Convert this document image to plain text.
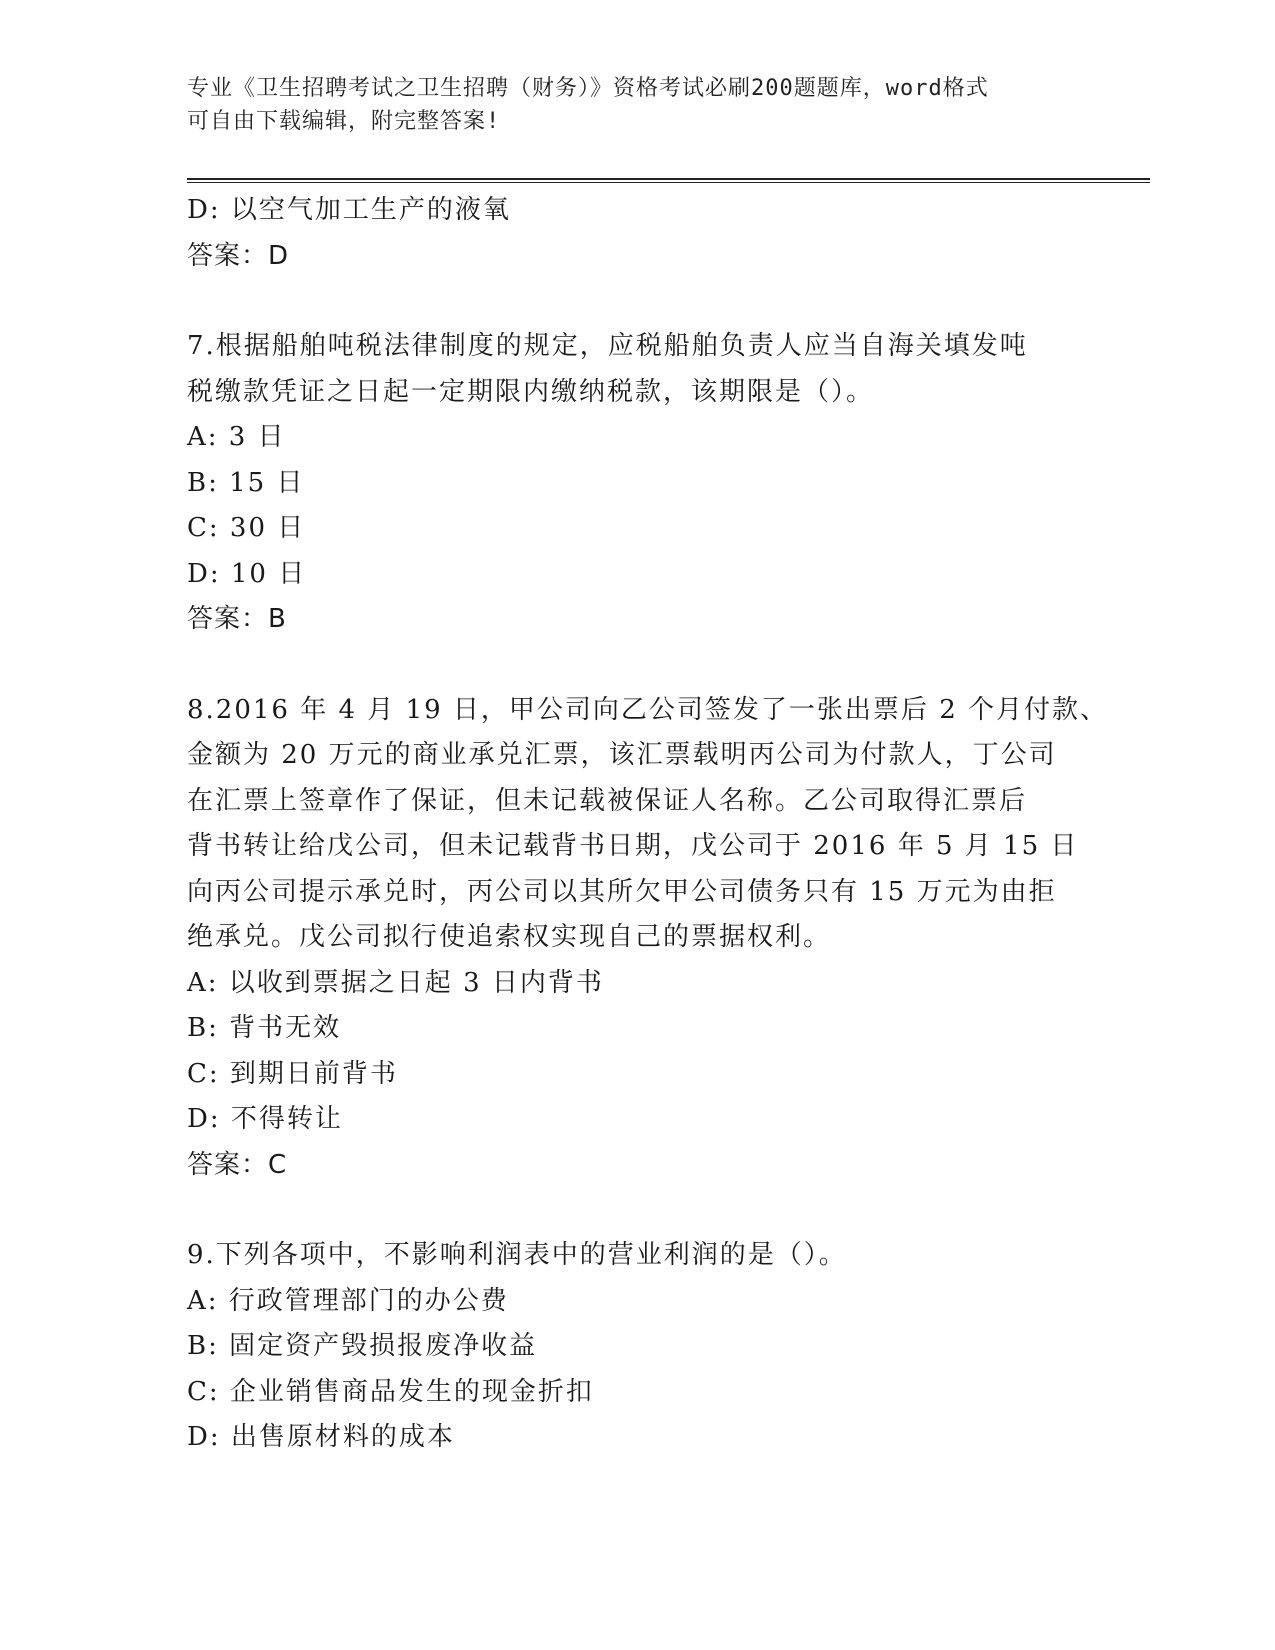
专业《卫生招聘考试之卫生招聘（财务）》资格考试必刷200题题库，word格式
可自由下载编辑，附完整答案!
D: 以空气加工生产的液氧
答案：D
7.根据船舶吨税法律制度的规定，应税船舶负责人应当自海关填发吨
税缴款凭证之日起一定期限内缴纳税款，该期限是（）。
A: 3 日
B: 15 日
C: 30 日
D: 10 日
答案：B
8.2016 年 4 月 19 日，甲公司向乙公司签发了一张出票后 2 个月付款、
金额为 20 万元的商业承兑汇票，该汇票载明丙公司为付款人，丁公司
在汇票上签章作了保证，但未记载被保证人名称。乙公司取得汇票后
背书转让给戊公司，但未记载背书日期，戊公司于 2016 年 5 月 15 日
向丙公司提示承兑时，丙公司以其所欠甲公司债务只有 15 万元为由拒
绝承兑。戊公司拟行使追索权实现自己的票据权利。
A: 以收到票据之日起 3 日内背书
B: 背书无效
C: 到期日前背书
D: 不得转让
答案：C
9.下列各项中，不影响利润表中的营业利润的是（）。
A: 行政管理部门的办公费
B: 固定资产毁损报废净收益
C: 企业销售商品发生的现金折扣
D: 出售原材料的成本
